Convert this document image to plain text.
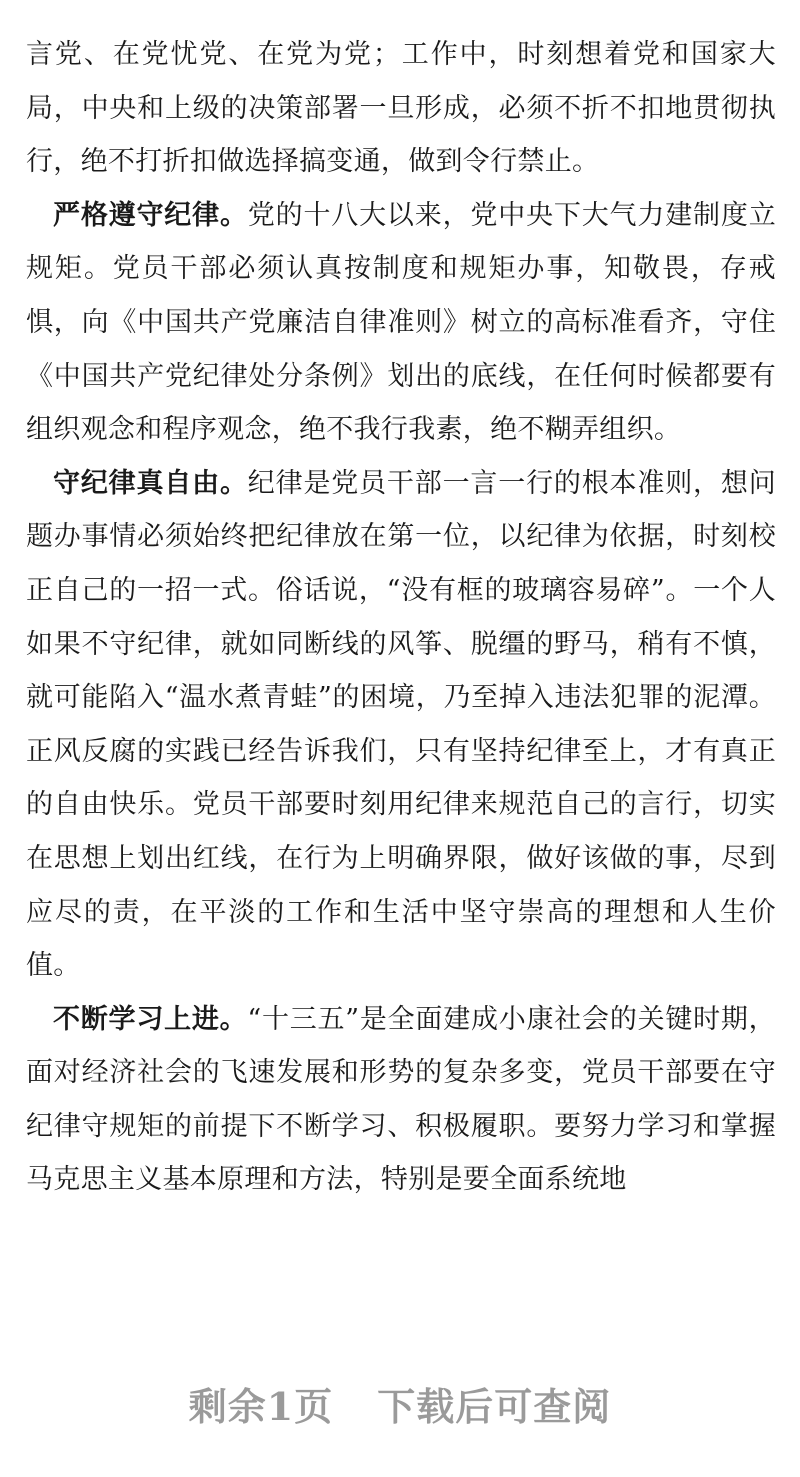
言党、在党忧党、在党为党；工作中，时刻想着党和国家大局，中央和上级的决策部署一旦形成，必须不折不扣地贯彻执行，绝不打折扣做选择搞变通，做到令行禁止。

严格遵守纪律。党的十八大以来，党中央下大气力建制度立规矩。党员干部必须认真按制度和规矩办事，知敬畏，存戒惧，向《中国共产党廉洁自律准则》树立的高标准看齐，守住《中国共产党纪律处分条例》划出的底线，在任何时候都要有组织观念和程序观念，绝不我行我素，绝不糊弄组织。

守纪律真自由。纪律是党员干部一言一行的根本准则，想问题办事情必须始终把纪律放在第一位，以纪律为依据，时刻校正自己的一招一式。俗话说，“没有框的玻璃容易碎”。一个人如果不守纪律，就如同断线的风筝、脱缰的野马，稍有不慎，就可能陷入“温水煮青蛙”的困境，乃至掉入违法犯罪的泥潭。正风反腐的实践已经告诉我们，只有坚持纪律至上，才有真正的自由快乐。党员干部要时刻用纪律来规范自己的言行，切实在思想上划出红线，在行为上明确界限，做好该做的事，尽到应尽的责，在平淡的工作和生活中坚守崇高的理想和人生价值。

不断学习上进。“十三五”是全面建成小康社会的关键时期，面对经济社会的飞速发展和形势的复杂多变，党员干部要在守纪律守规矩的前提下不断学习、积极履职。要努力学习和掌握马克思主义基本原理和方法，特别是要全面系统地

剩余1页 下载后可查阅
